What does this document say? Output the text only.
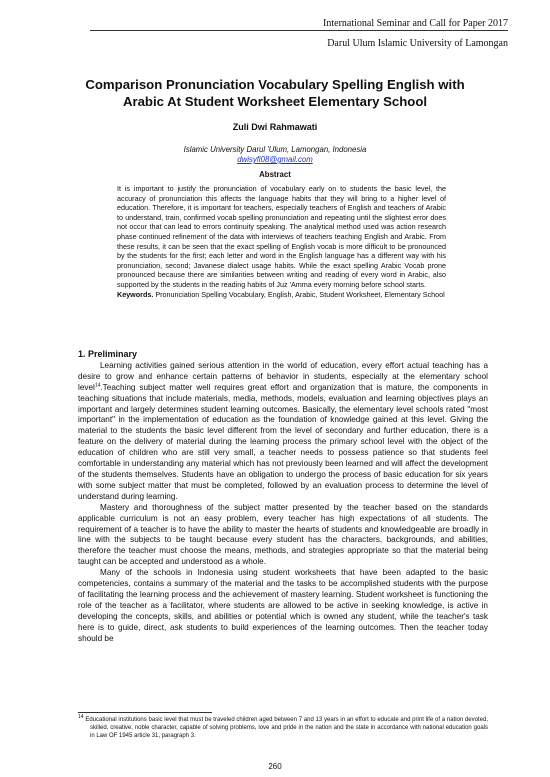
International Seminar and Call for Paper 2017
Darul Ulum Islamic University of Lamongan
Comparison Pronunciation Vocabulary Spelling English with Arabic At Student Worksheet Elementary School
Zuli Dwi Rahmawati
Islamic University Darul 'Ulum, Lamongan, Indonesia
dwisyfi08@gmail.com
Abstract
It is important to justify the pronunciation of vocabulary early on to students the basic level, the accuracy of pronunciation this affects the language habits that they will bring to a higher level of education. Therefore, it is important for teachers, especially teachers of English and teachers of Arabic to understand, train, confirmed vocab spelling pronunciation and repeating until the slightest error does not occur that can lead to errors continuity speaking. The analytical method used was action research phase continued refinement of the data with interviews of teachers teaching English and Arabic. From these results, it can be seen that the exact spelling of English vocab is more difficult to be pronounced by the students for the first; each letter and word in the English language has a different way with his pronunciation, second; Javanese dialect usage habits. While the exact spelling Arabic Vocab prone pronounced because there are similarities between writing and reading of every word in Arabic, also supported by the students in the reading habits of Juz 'Amma every morning before school starts.
Keywords. Pronunciation Spelling Vocabulary, English, Arabic, Student Worksheet, Elementary School
1. Preliminary

Learning activities gained serious attention in the world of education, every effort actual teaching has a desire to grow and enhance certain patterns of behavior in students, especially at the elementary school level$^{14}$.Teaching subject matter well requires great effort and organization that is mature, the components in teaching situations that include materials, media, methods, models, evaluation and learning objectives plays an important and largely determines student learning outcomes. Basically, the elementary level schools rated "most important" in the implementation of education as the foundation of knowledge gained at this level. Giving the material to the students the basic level different from the level of secondary and further education, there is a feature on the delivery of material during the learning process the primary school level with the object of the education of children who are still very small, a teacher needs to possess patience so that students feel comfortable in understanding any material which has not previously been learned and will affect the development of the students themselves. Students have an obligation to undergo the process of basic education for six years with some subject matter that must be completed, followed by an evaluation process to determine the level of understand during learning.

Mastery and thoroughness of the subject matter presented by the teacher based on the standards applicable curriculum is not an easy problem, every teacher has high expectations of all students. The requirement of a teacher is to have the ability to master the hearts of students and knowledgeable are broadly in line with the subjects to be taught because every student has the characters, backgrounds, and abilities, therefore the teacher must choose the means, methods, and strategies appropriate so that the material being taught can be accepted and understood as a whole.

Many of the schools in Indonesia using student worksheets that have been adapted to the basic competencies, contains a summary of the material and the tasks to be accomplished students with the purpose of facilitating the learning process and the achievement of mastery learning. Student worksheet is functioning the role of the teacher as a facilitator, where students are allowed to be active in seeking knowledge, is active in developing the concepts, skills, and abilities or potential which is owned any student, while the teacher's task here is to guide, direct, ask students to build experiences of the learning outcomes. Then the teacher today should be

$^{14}$ Educational institutions basic level that must be traveled children aged between 7 and 13 years in an effort to educate and print life of a nation devoted, skilled, creative, noble character, capable of solving problems, love and pride in the nation and the state in accordance with national education goals in Law OF 1945 article 31, paragraph 3.
260
